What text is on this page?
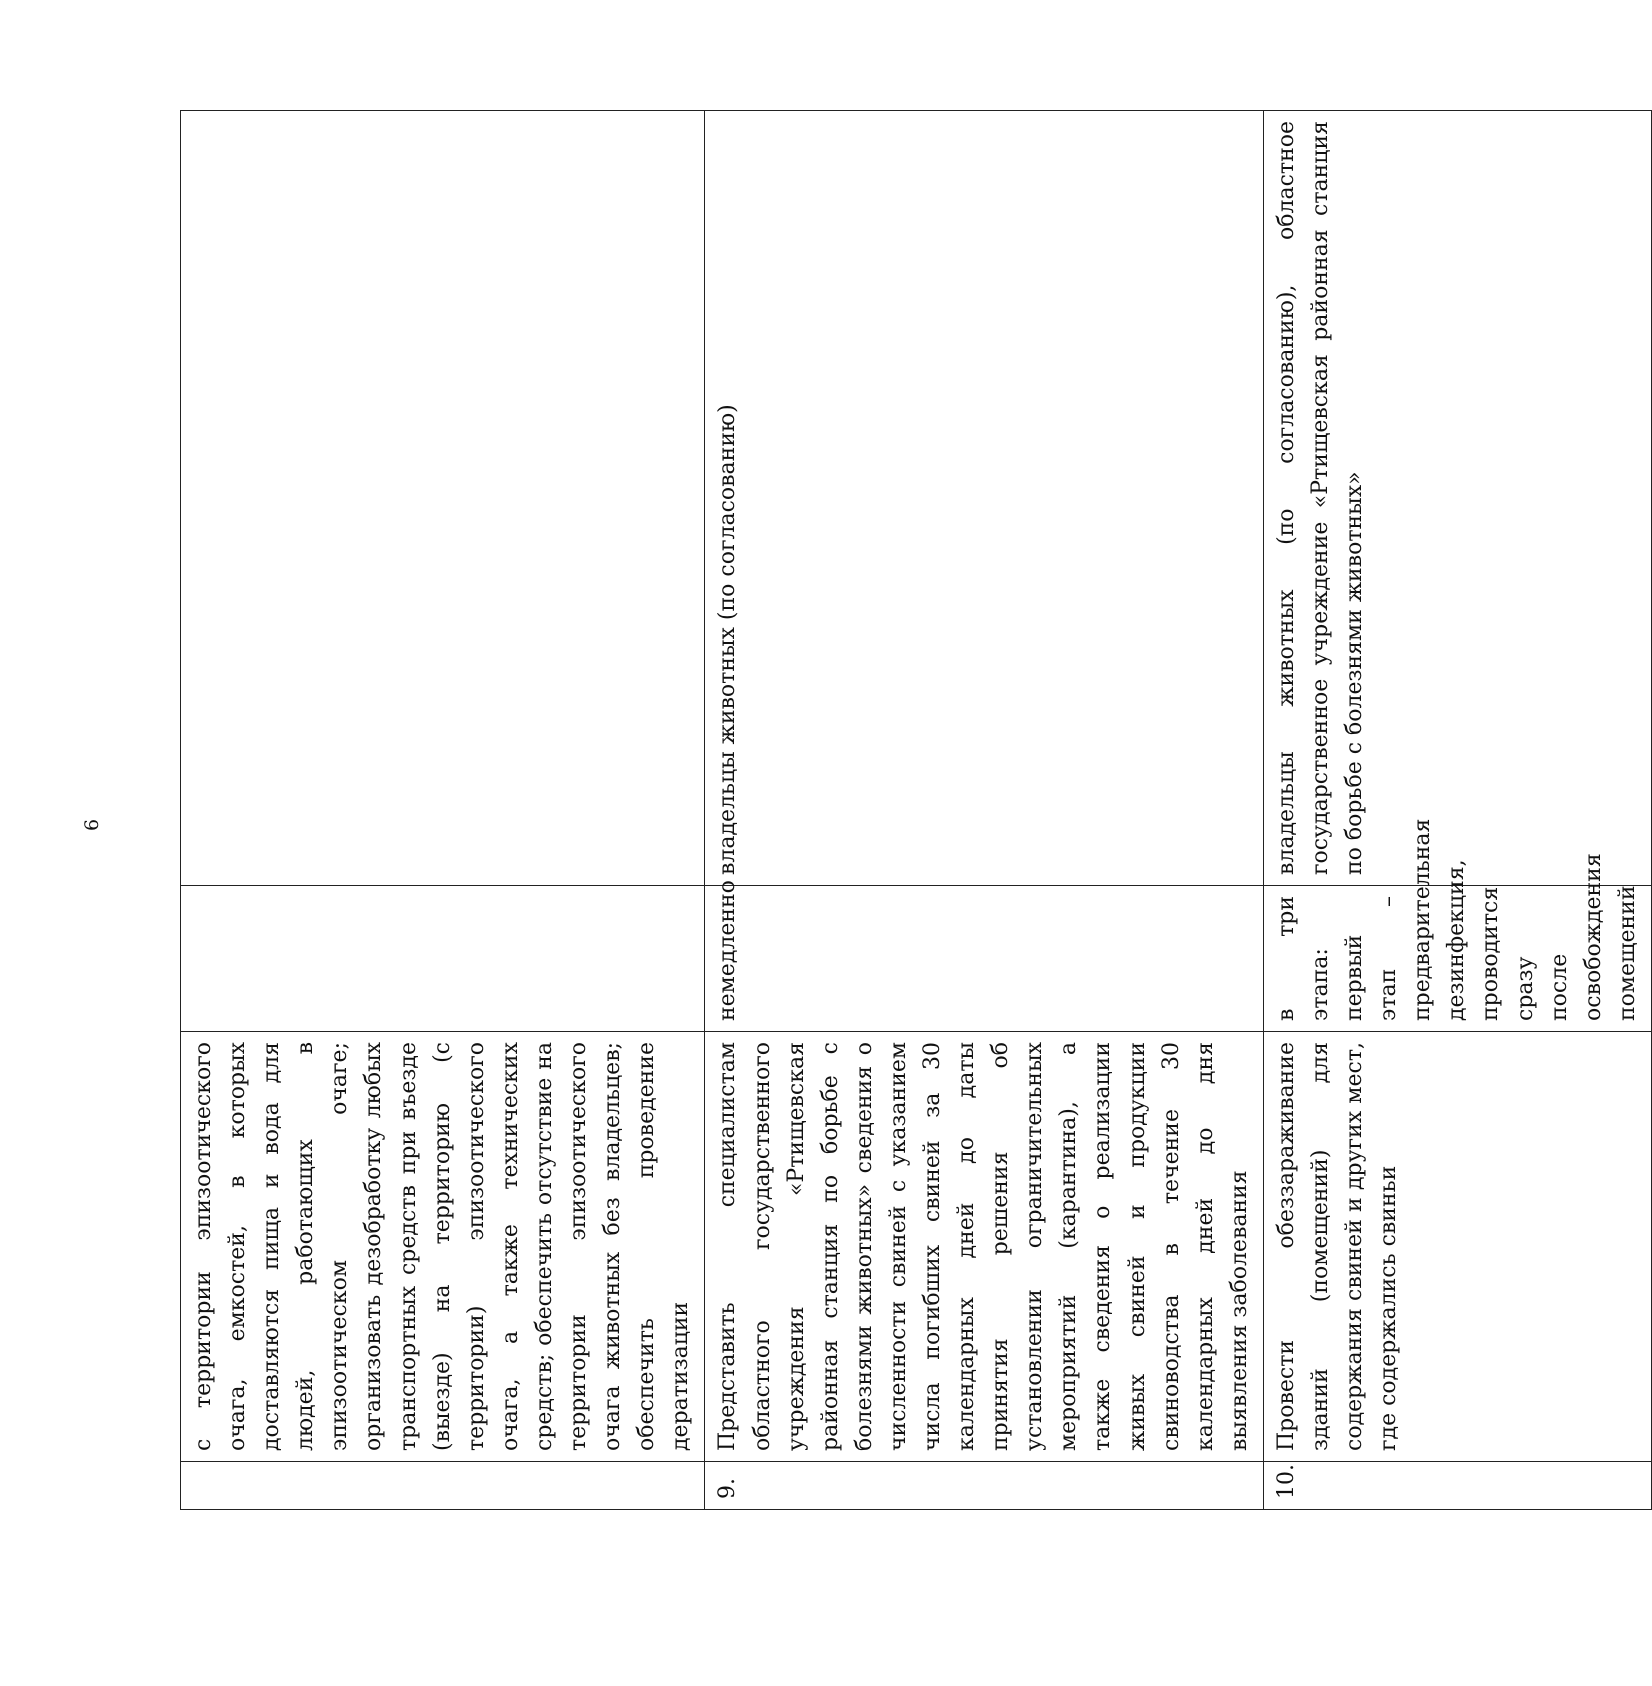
6
	с территории эпизоотического очага, емкостей, в которых доставляются пища и вода для людей, работающих в эпизоотическом очаге; организовать дезобработку любых транспортных средств при въезде (выезде) на территорию (с территории) эпизоотического очага, а также технических средств; обеспечить отсутствие на территории эпизоотического очага животных без владельцев; обеспечить проведение дератизации		
9.	Представить специалистам областного государственного учреждения «Ртищевская районная станция по борьбе с болезнями животных» сведения о численности свиней с указанием числа погибших свиней за 30 календарных дней до даты принятия решения об установлении ограничительных мероприятий (карантина), а также сведения о реализации живых свиней и продукции свиноводства в течение 30 календарных дней до дня выявления заболевания	немедленно	владельцы животных (по согласованию)
10.	Провести обеззараживание зданий (помещений) для содержания свиней и других мест, где содержались свиньи	в три этапа: первый этап – предварительная дезинфекция, проводится сразу после освобождения помещений	владельцы животных (по согласованию), областное государственное учреждение «Ртищевская районная станция по борьбе с болезнями животных»
